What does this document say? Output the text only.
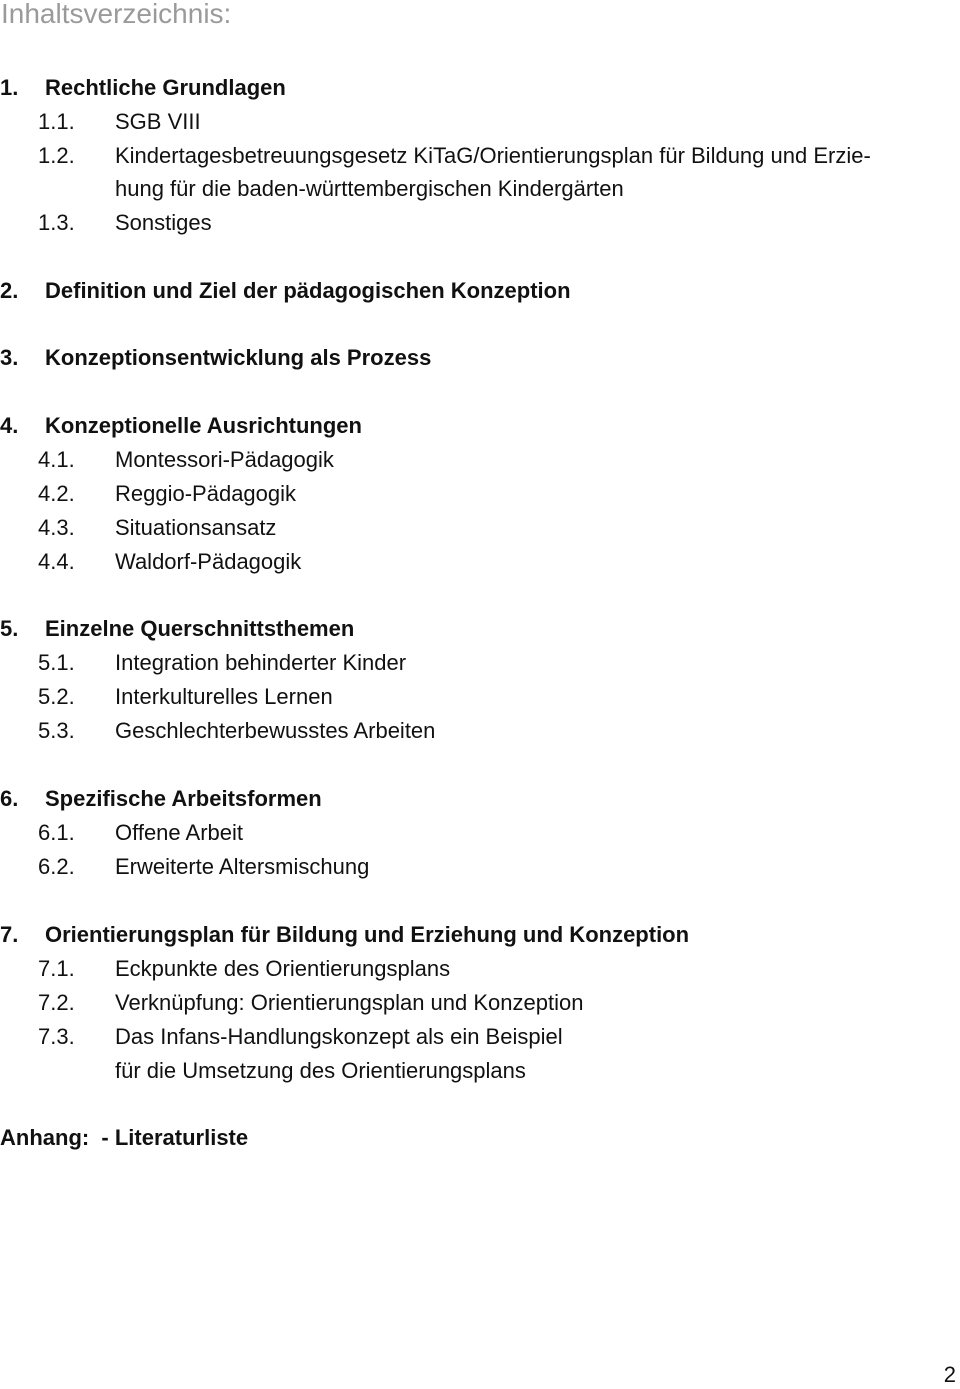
Inhaltsverzeichnis:
1. Rechtliche Grundlagen
1.1. SGB VIII
1.2. Kindertagesbetreuungsgesetz KiTaG/Orientierungsplan für Bildung und Erzie-
hung für die baden-württembergischen Kindergärten
1.3. Sonstiges
2. Definition und Ziel der pädagogischen Konzeption
3. Konzeptionsentwicklung als Prozess
4. Konzeptionelle Ausrichtungen
4.1. Montessori-Pädagogik
4.2. Reggio-Pädagogik
4.3. Situationsansatz
4.4. Waldorf-Pädagogik
5. Einzelne Querschnittsthemen
5.1. Integration behinderter Kinder
5.2. Interkulturelles Lernen
5.3. Geschlechterbewusstes Arbeiten
6. Spezifische Arbeitsformen
6.1. Offene Arbeit
6.2. Erweiterte Altersmischung
7. Orientierungsplan für Bildung und Erziehung und Konzeption
7.1. Eckpunkte des Orientierungsplans
7.2. Verknüpfung: Orientierungsplan und Konzeption
7.3. Das Infans-Handlungskonzept als ein Beispiel
für die Umsetzung des Orientierungsplans
Anhang:  - Literaturliste
2
